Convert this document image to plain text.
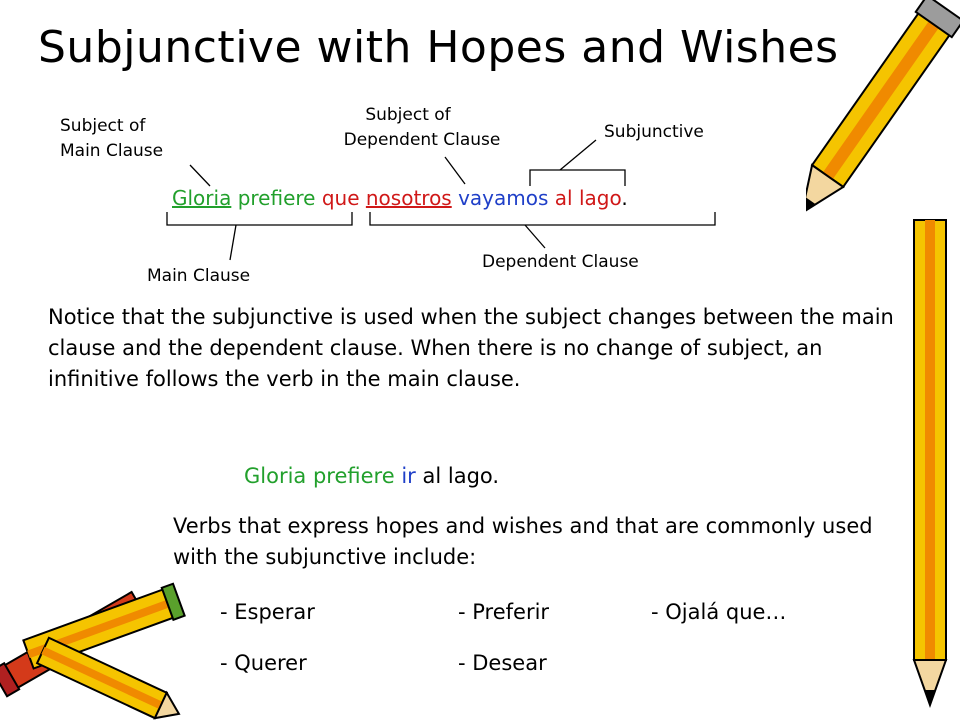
Subjunctive with Hopes and Wishes
Subject of
Main Clause
Subject of
Dependent Clause	Subjunctive
Main Clause
Dependent Clause
Gloria prefiere que nosotros vayamos al lago.
Notice that the subjunctive is used when the subject changes between the main clause and the dependent clause. When there is no change of subject, an infinitive follows the verb in the main clause.
Gloria prefiere ir al lago.
Verbs that express hopes and wishes and that are commonly used with the subjunctive include:
- Esperar	- Preferir	- Ojalá que…
- Querer	- Desear
